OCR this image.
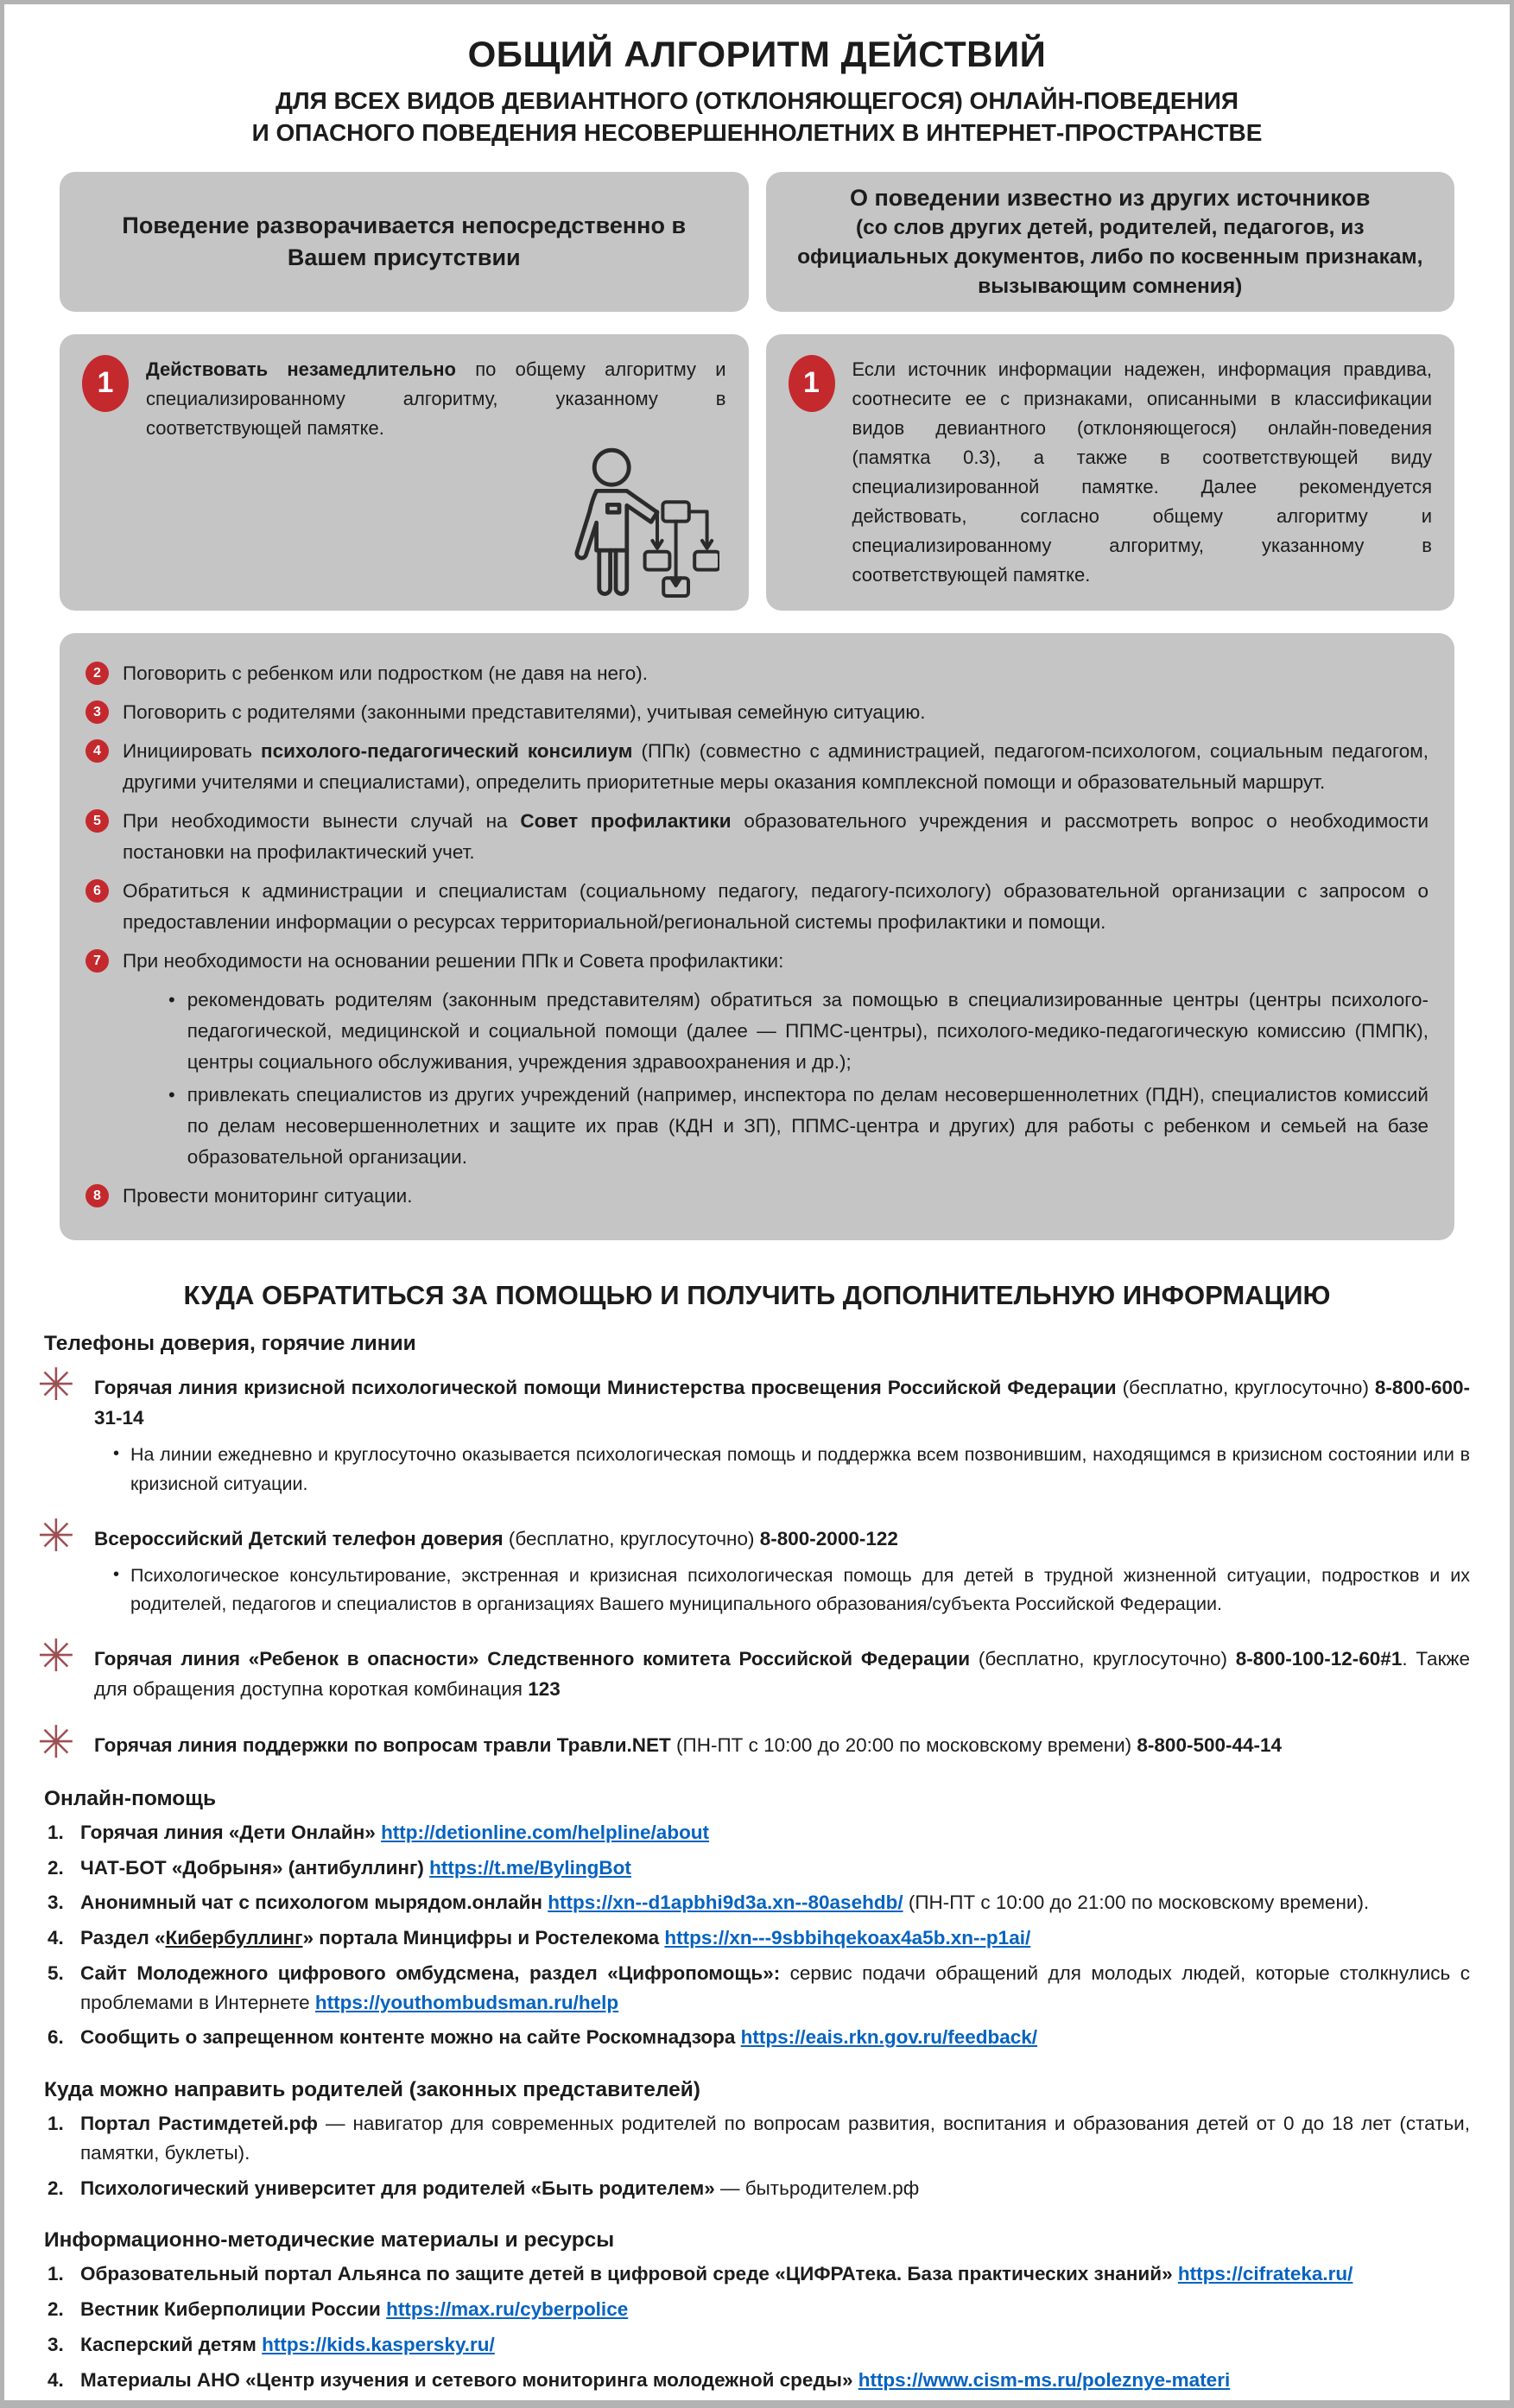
ОБЩИЙ АЛГОРИТМ ДЕЙСТВИЙ
ДЛЯ ВСЕХ ВИДОВ ДЕВИАНТНОГО (ОТКЛОНЯЮЩЕГОСЯ) ОНЛАЙН-ПОВЕДЕНИЯ
И ОПАСНОГО ПОВЕДЕНИЯ НЕСОВЕРШЕННОЛЕТНИХ В ИНТЕРНЕТ-ПРОСТРАНСТВЕ
Поведение разворачивается непосредственно в Вашем присутствии
О поведении известно из других источников
(со слов других детей, родителей, педагогов, из официальных документов, либо по косвенным признакам, вызывающим сомнения)
1	Действовать незамедлительно по общему алгоритму и специализированному алгоритму, указанному в соответствующей памятке.

1	Если источник информации надежен, информация правдива, соотнесите ее с признаками, описанными в классификации видов девиантного (отклоняющегося) онлайн-поведения (памятка 0.3), а также в соответствующей виду специализированной памятке. Далее рекомендуется действовать, согласно общему алгоритму и специализированному алгоритму, указанному в соответствующей памятке.

2	Поговорить с ребенком или подростком (не давя на него).

3	Поговорить с родителями (законными представителями), учитывая семейную ситуацию.

4	Инициировать психолого-педагогический консилиум (ППк) (совместно с администрацией, педагогом-психологом, социальным педагогом, другими учителями и специалистами), определить приоритетные меры оказания комплексной помощи и образовательный маршрут.

5	При необходимости вынести случай на Совет профилактики образовательного учреждения и рассмотреть вопрос о необходимости постановки на профилактический учет.

6	Обратиться к администрации и специалистам (социальному педагогу, педагогу-психологу) образовательной организации с запросом о предоставлении информации о ресурсах территориальной/региональной системы профилактики и помощи.

7	При необходимости на основании решении ППк и Совета профилактики:

• рекомендовать родителям (законным представителям) обратиться за помощью в специализированные центры (центры психолого-педагогической, медицинской и социальной помощи (далее — ППМС-центры), психолого-медико-педагогическую комиссию (ПМПК), центры социального обслуживания, учреждения здравоохранения и др.);

• привлекать специалистов из других учреждений (например, инспектора по делам несовершеннолетних (ПДН), специалистов комиссий по делам несовершеннолетних и защите их прав (КДН и ЗП), ППМС-центра и других) для работы с ребенком и семьей на базе образовательной организации.

8	Провести мониторинг ситуации.

КУДА ОБРАТИТЬСЯ ЗА ПОМОЩЬЮ И ПОЛУЧИТЬ ДОПОЛНИТЕЛЬНУЮ ИНФОРМАЦИЮ
Телефоны доверия, горячие линии
✳ Горячая линия кризисной психологической помощи Министерства просвещения Российской Федерации (бесплатно, круглосуточно) 8-800-600-31-14

• На линии ежедневно и круглосуточно оказывается психологическая помощь и поддержка всем позвонившим, находящимся в кризисном состоянии или в кризисной ситуации.

✳ Всероссийский Детский телефон доверия (бесплатно, круглосуточно) 8-800-2000-122

• Психологическое консультирование, экстренная и кризисная психологическая помощь для детей в трудной жизненной ситуации, подростков и их родителей, педагогов и специалистов в организациях Вашего муниципального образования/субъекта Российской Федерации.

✳ Горячая линия «Ребенок в опасности» Следственного комитета Российской Федерации (бесплатно, круглосуточно) 8-800-100-12-60#1. Также для обращения доступна короткая комбинация 123

✳ Горячая линия поддержки по вопросам травли Травли.NET (ПН-ПТ с 10:00 до 20:00 по московскому времени) 8-800-500-44-14

Онлайн-помощь
1. Горячая линия «Дети Онлайн» http://detionline.com/helpline/about

2. ЧАТ-БОТ «Добрыня» (антибуллинг) https://t.me/BylingBot

3. Анонимный чат с психологом мырядом.онлайн https://xn--d1apbhi9d3a.xn--80asehdb/ (ПН-ПТ с 10:00 до 21:00 по московскому времени).

4. Раздел «Кибербуллинг» портала Минцифры и Ростелекома https://xn---9sbbihqekoax4a5b.xn--p1ai/

5. Сайт Молодежного цифрового омбудсмена, раздел «Цифропомощь»: сервис подачи обращений для молодых людей, которые столкнулись с проблемами в Интернете https://youthombudsman.ru/help

6. Сообщить о запрещенном контенте можно на сайте Роскомнадзора https://eais.rkn.gov.ru/feedback/

Куда можно направить родителей (законных представителей)
1. Портал Растимдетей.рф — навигатор для современных родителей по вопросам развития, воспитания и образования детей от 0 до 18 лет (статьи, памятки, буклеты).

2. Психологический университет для родителей «Быть родителем» — бытьродителем.рф

Информационно-методические материалы и ресурсы
1. Образовательный портал Альянса по защите детей в цифровой среде «ЦИФРАтека. База практических знаний» https://cifrateka.ru/

2. Вестник Киберполиции России https://max.ru/cyberpolice

3. Касперский детям https://kids.kaspersky.ru/

4. Материалы АНО «Центр изучения и сетевого мониторинга молодежной среды» https://www.cism-ms.ru/poleznye-materi
